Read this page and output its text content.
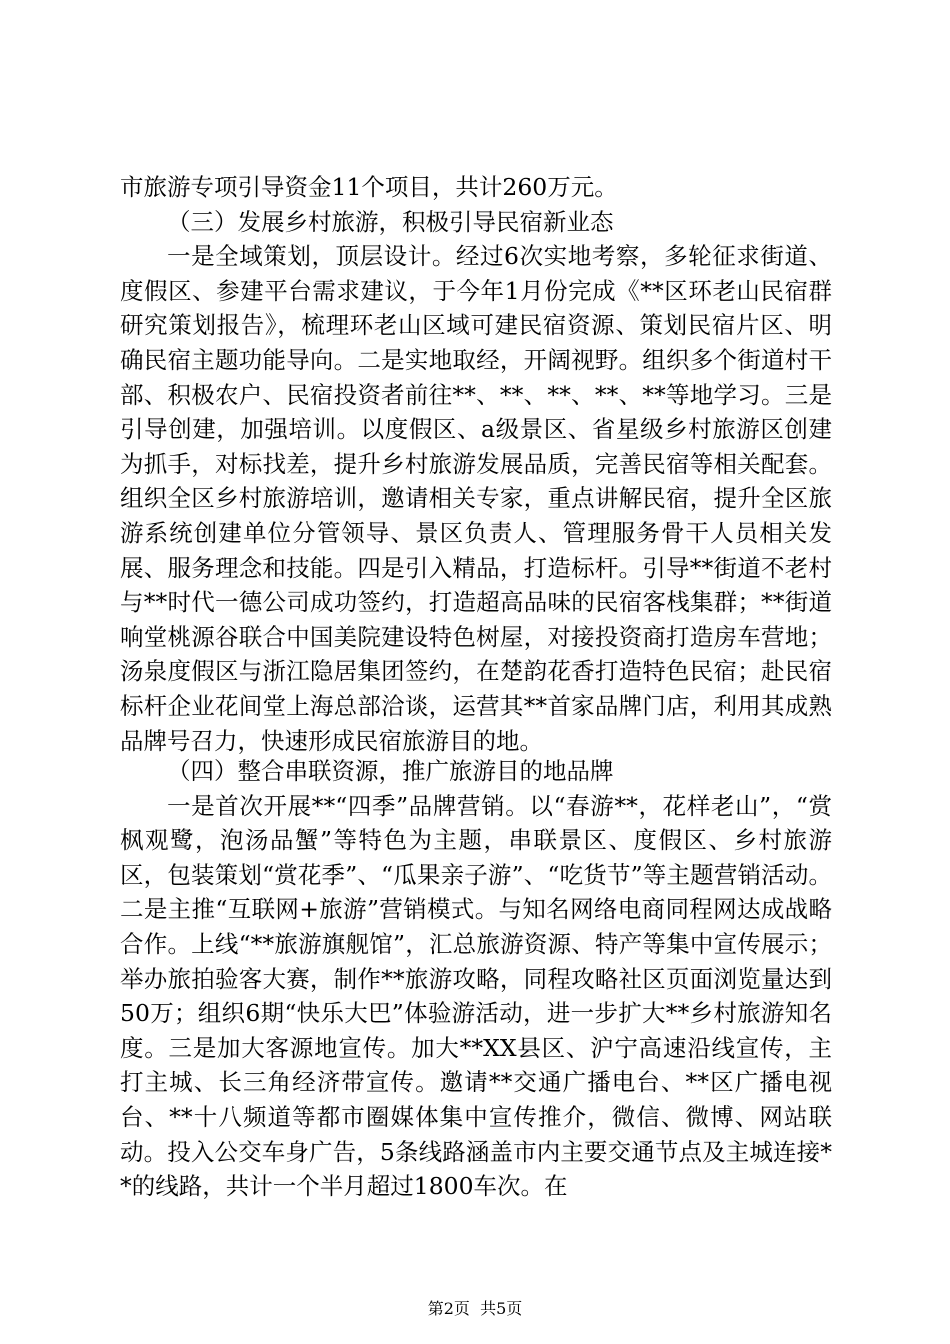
市旅游专项引导资金11个项目，共计260万元。

（三）发展乡村旅游，积极引导民宿新业态

一是全域策划，顶层设计。经过6次实地考察，多轮征求街道、度假区、参建平台需求建议，于今年1月份完成《**区环老山民宿群研究策划报告》，梳理环老山区域可建民宿资源、策划民宿片区、明确民宿主题功能导向。二是实地取经，开阔视野。组织多个街道村干部、积极农户、民宿投资者前往**、**、**、**、**等地学习。三是引导创建，加强培训。以度假区、a级景区、省星级乡村旅游区创建为抓手，对标找差，提升乡村旅游发展品质，完善民宿等相关配套。组织全区乡村旅游培训，邀请相关专家，重点讲解民宿，提升全区旅游系统创建单位分管领导、景区负责人、管理服务骨干人员相关发展、服务理念和技能。四是引入精品，打造标杆。引导**街道不老村与**时代一德公司成功签约，打造超高品味的民宿客栈集群；**街道响堂桃源谷联合中国美院建设特色树屋，对接投资商打造房车营地；汤泉度假区与浙江隐居集团签约，在楚韵花香打造特色民宿；赴民宿标杆企业花间堂上海总部洽谈，运营其**首家品牌门店，利用其成熟品牌号召力，快速形成民宿旅游目的地。

（四）整合串联资源，推广旅游目的地品牌

一是首次开展**“四季”品牌营销。以“春游**，花样老山”，“赏枫观鹭，泡汤品蟹”等特色为主题，串联景区、度假区、乡村旅游区，包装策划“赏花季”、“瓜果亲子游”、“吃货节”等主题营销活动。二是主推“互联网+旅游”营销模式。与知名网络电商同程网达成战略合作。上线“**旅游旗舰馆”，汇总旅游资源、特产等集中宣传展示；举办旅拍验客大赛，制作**旅游攻略，同程攻略社区页面浏览量达到50万；组织6期“快乐大巴”体验游活动，进一步扩大**乡村旅游知名度。三是加大客源地宣传。加大**XX县区、沪宁高速沿线宣传，主打主城、长三角经济带宣传。邀请**交通广播电台、**区广播电视台、**十八频道等都市圈媒体集中宣传推介，微信、微博、网站联动。投入公交车身广告，5条线路涵盖市内主要交通节点及主城连接**的线路，共计一个半月超过1800车次。在

第2页 共5页
